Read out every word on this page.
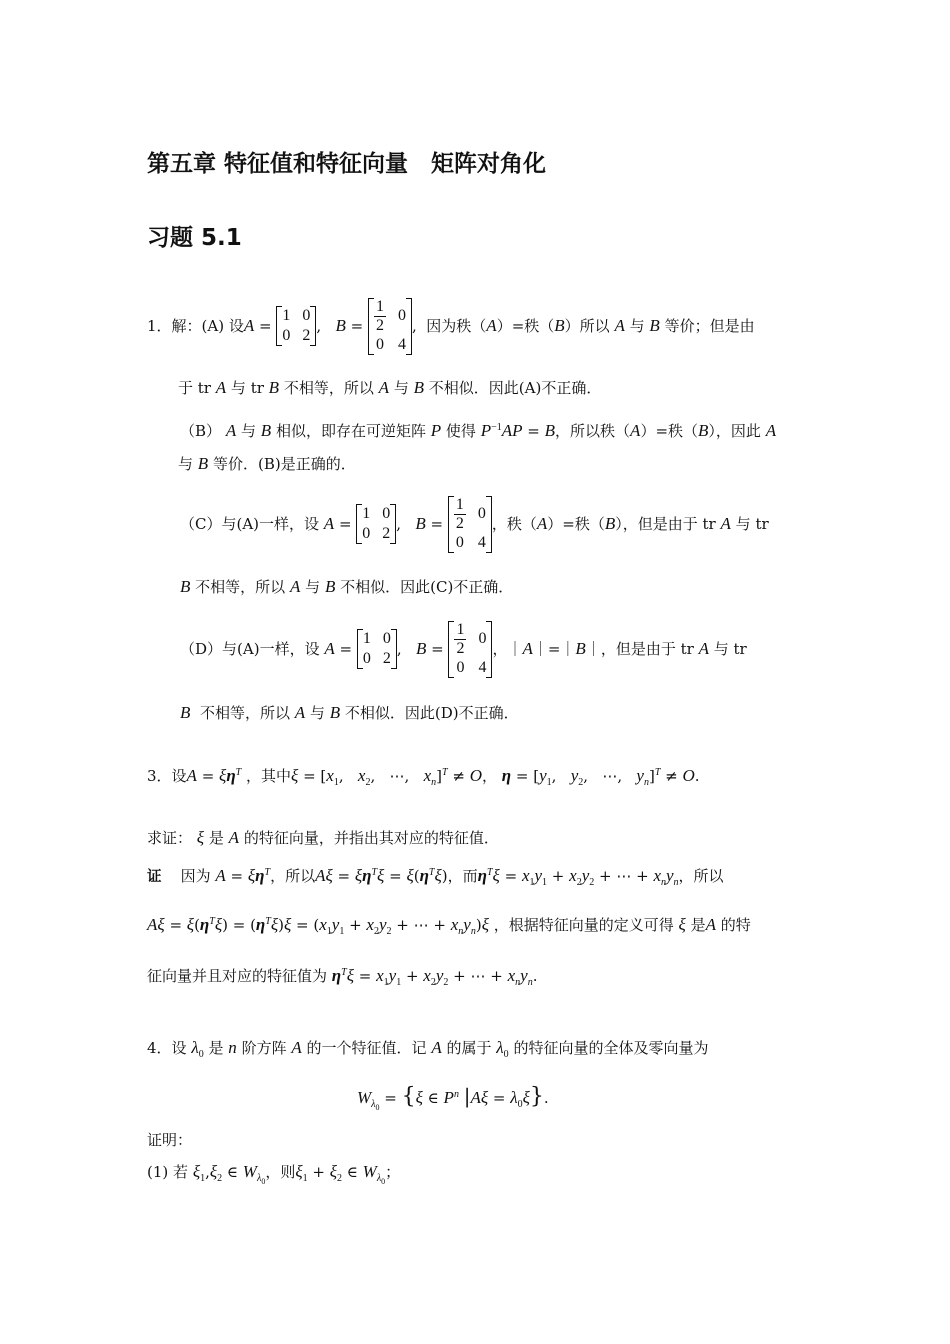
第五章 特征值和特征向量　矩阵对角化
习题 5.1
1．解：(A)
设 A =
1	0
0	2
, $B = \frac{1}{2}$	0
0	4
, 因为秩（ A ）=秩（ B ）所以
A
与
B
等价；但是由
于 tr A 与 tr B 不相等，所以 A 与 B 不相似．因此(A)不正确．
（B） A 与 B 相似，即存在可逆矩阵 P 使得 $P^{-1}AP = B$，所以秩（A）=秩（B），因此 A
与 B 等价．(B)是正确的．
（C）与(A)一样，设
A =
1	0
0	2
, $B = \frac{1}{2}$	0
0	4
，秩（ A ）=秩（ B ），但是由于 tr
A
与 tr
B 不相等，所以 A 与 B 不相似．因此(C)不正确．
（D）与(A)一样，设
A =
1	0
0	2
, $B = \frac{1}{2}$	0
0	4
，｜ A ｜=｜ B ｜，但是由于 tr
A
与 tr
B 不相等，所以 A 与 B 不相似．因此(D)不正确．
3．设$A = \xi\eta^T$ ，其中$\xi = [x_1$,   $x_2$,   ⋯,   $x_n]^T \ne O$， $\eta = [y_1$,   $y_2$,   ⋯,   $y_n]^T \ne O$.
求证： ξ 是 A 的特征向量，并指出其对应的特征值．
证 因为 $A = \xi\eta^T$，所以$A\xi = \xi\eta^T\xi = \xi(\eta^T\xi)$，而$\eta^T\xi = x_1y_1 + x_2y_2$ + ⋯ + $x_ny_n$，所以
$A\xi = \xi(\eta^T\xi) = (\eta^T\xi)\xi = (x_1y_1 + x_2y_2$ + ⋯ + $x_ny_n)\xi$ ，根据特征向量的定义可得 ξ 是A 的特
征向量并且对应的特征值为 $\eta^T\xi = x_1y_1 + x_2y_2$ + ⋯ + $x_ny_n$.
4．设 $\lambda_0$ 是 n 阶方阵 A 的一个特征值．记 A 的属于 $\lambda_0$ 的特征向量的全体及零向量为
$W_{\lambda_0} = \{\xi$ ∈ $P^n$ $|A\xi = \lambda_0\xi$}.
证明：
(1) 若 $\xi_1,\xi_2$ ∈ $W_{\lambda_0}$，则$\xi_1 + \xi_2$ ∈ $W_{\lambda_0}$；
